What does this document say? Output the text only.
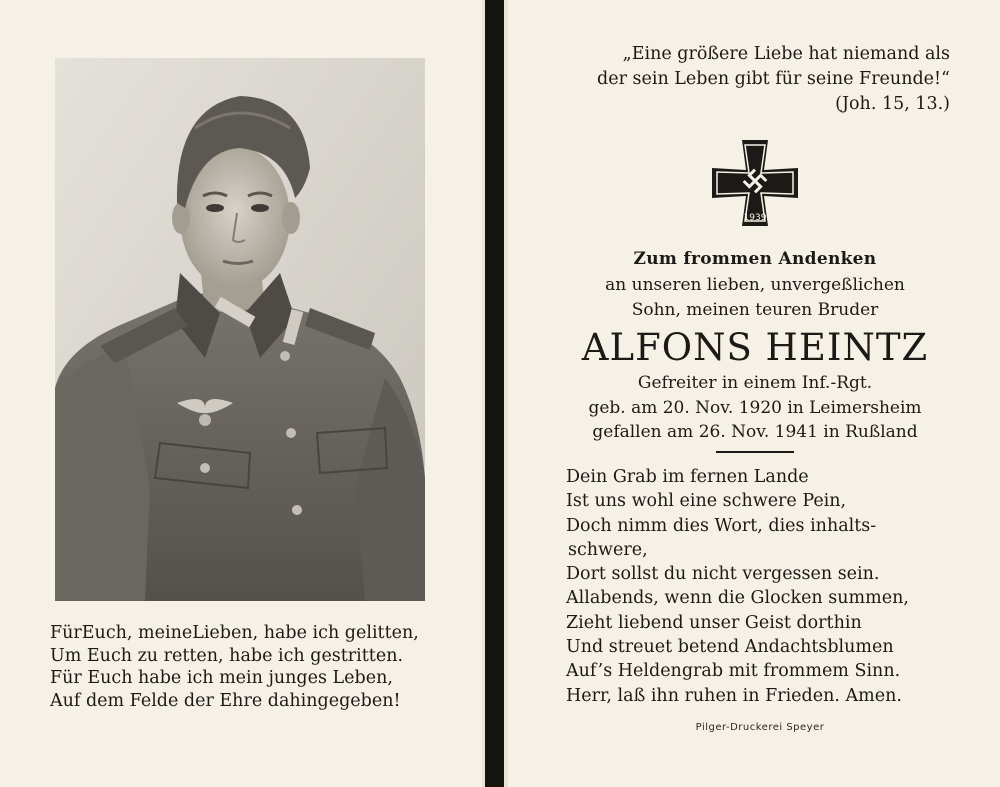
FürEuch, meineLieben, habe ich gelitten,
Um Euch zu retten, habe ich gestritten.
Für Euch habe ich mein junges Leben,
Auf dem Felde der Ehre dahingegeben!
„Eine größere Liebe hat niemand als
der sein Leben gibt für seine Freunde!“
(Joh. 15, 13.)
1939
Zum frommen Andenken
an unseren lieben, unvergeßlichen
Sohn, meinen teuren Bruder
ALFONS HEINTZ
Gefreiter in einem Inf.-Rgt.
geb. am 20. Nov. 1920 in Leimersheim
gefallen am 26. Nov. 1941 in Rußland
Dein Grab im fernen Lande
Ist uns wohl eine schwere Pein,
Doch nimm dies Wort, dies inhalts-
schwere,
Dort sollst du nicht vergessen sein.
Allabends, wenn die Glocken summen,
Zieht liebend unser Geist dorthin
Und streuet betend Andachtsblumen
Auf’s Heldengrab mit frommem Sinn.
Herr, laß ihn ruhen in Frieden. Amen.
Pilger-Druckerei Speyer
